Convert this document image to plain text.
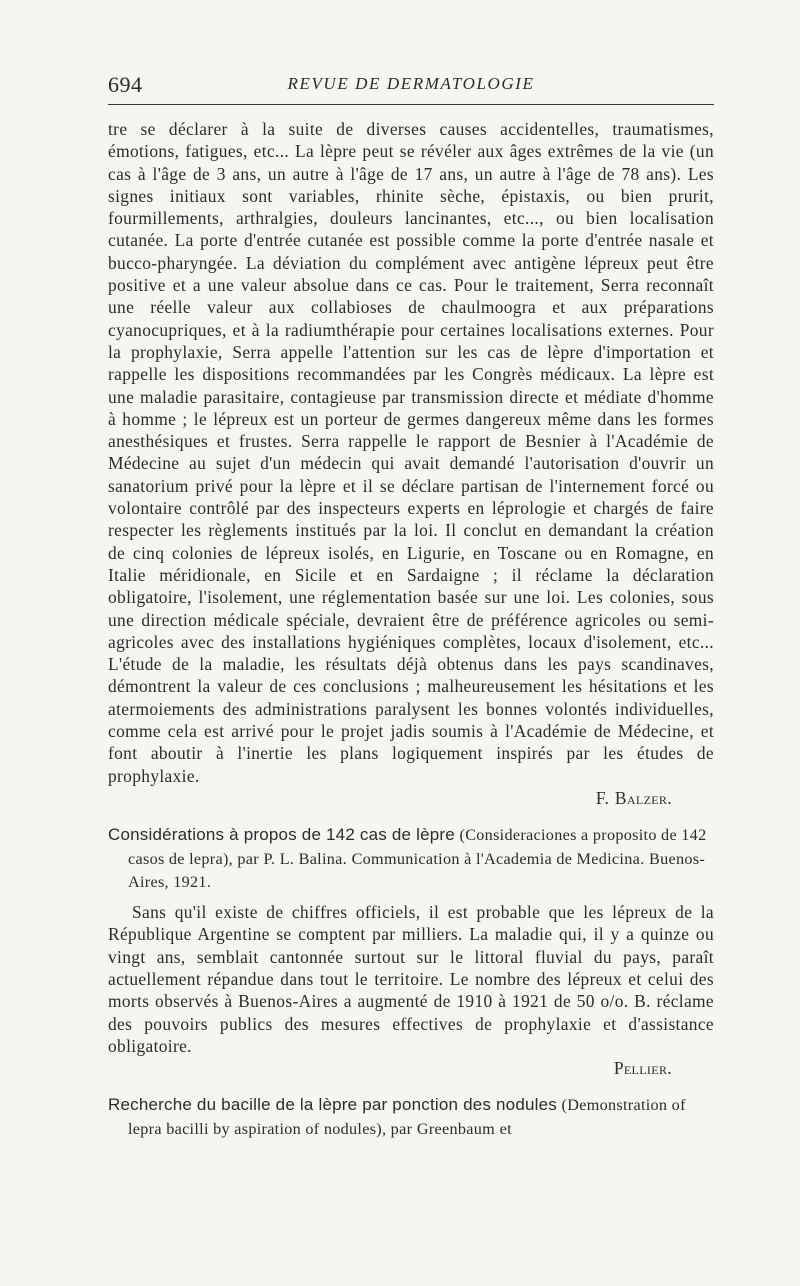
694	REVUE DE DERMATOLOGIE

tre se déclarer à la suite de diverses causes accidentelles, traumatismes, émotions, fatigues, etc... La lèpre peut se révéler aux âges extrêmes de la vie (un cas à l'âge de 3 ans, un autre à l'âge de 17 ans, un autre à l'âge de 78 ans). Les signes initiaux sont variables, rhinite sèche, épistaxis, ou bien prurit, fourmillements, arthralgies, douleurs lancinantes, etc..., ou bien localisation cutanée. La porte d'entrée cutanée est possible comme la porte d'entrée nasale et bucco-pharyngée. La déviation du complément avec antigène lépreux peut être positive et a une valeur absolue dans ce cas. Pour le traitement, Serra reconnaît une réelle valeur aux collabioses de chaulmoogra et aux préparations cyanocupriques, et à la radiumthérapie pour certaines localisations externes. Pour la prophylaxie, Serra appelle l'attention sur les cas de lèpre d'importation et rappelle les dispositions recommandées par les Congrès médicaux. La lèpre est une maladie parasitaire, contagieuse par transmission directe et médiate d'homme à homme ; le lépreux est un porteur de germes dangereux même dans les formes anesthésiques et frustes. Serra rappelle le rapport de Besnier à l'Académie de Médecine au sujet d'un médecin qui avait demandé l'autorisation d'ouvrir un sanatorium privé pour la lèpre et il se déclare partisan de l'internement forcé ou volontaire contrôlé par des inspecteurs experts en léprologie et chargés de faire respecter les règlements institués par la loi. Il conclut en demandant la création de cinq colonies de lépreux isolés, en Ligurie, en Toscane ou en Romagne, en Italie méridionale, en Sicile et en Sardaigne ; il réclame la déclaration obligatoire, l'isolement, une réglementation basée sur une loi. Les colonies, sous une direction médicale spéciale, devraient être de préférence agricoles ou semi-agricoles avec des installations hygiéniques complètes, locaux d'isolement, etc... L'étude de la maladie, les résultats déjà obtenus dans les pays scandinaves, démontrent la valeur de ces conclusions ; malheureusement les hésitations et les atermoiements des administrations paralysent les bonnes volontés individuelles, comme cela est arrivé pour le projet jadis soumis à l'Académie de Médecine, et font aboutir à l'inertie les plans logiquement inspirés par les études de prophylaxie.

F. Balzer.

Considérations à propos de 142 cas de lèpre (Consideraciones a proposito de 142 casos de lepra), par P. L. Balina. Communication à l'Academia de Medicina. Buenos-Aires, 1921.

Sans qu'il existe de chiffres officiels, il est probable que les lépreux de la République Argentine se comptent par milliers. La maladie qui, il y a quinze ou vingt ans, semblait cantonnée surtout sur le littoral fluvial du pays, paraît actuellement répandue dans tout le territoire. Le nombre des lépreux et celui des morts observés à Buenos-Aires a augmenté de 1910 à 1921 de 50 o/o. B. réclame des pouvoirs publics des mesures effectives de prophylaxie et d'assistance obligatoire.

Pellier.

Recherche du bacille de la lèpre par ponction des nodules (Demonstration of lepra bacilli by aspiration of nodules), par Greenbaum et
